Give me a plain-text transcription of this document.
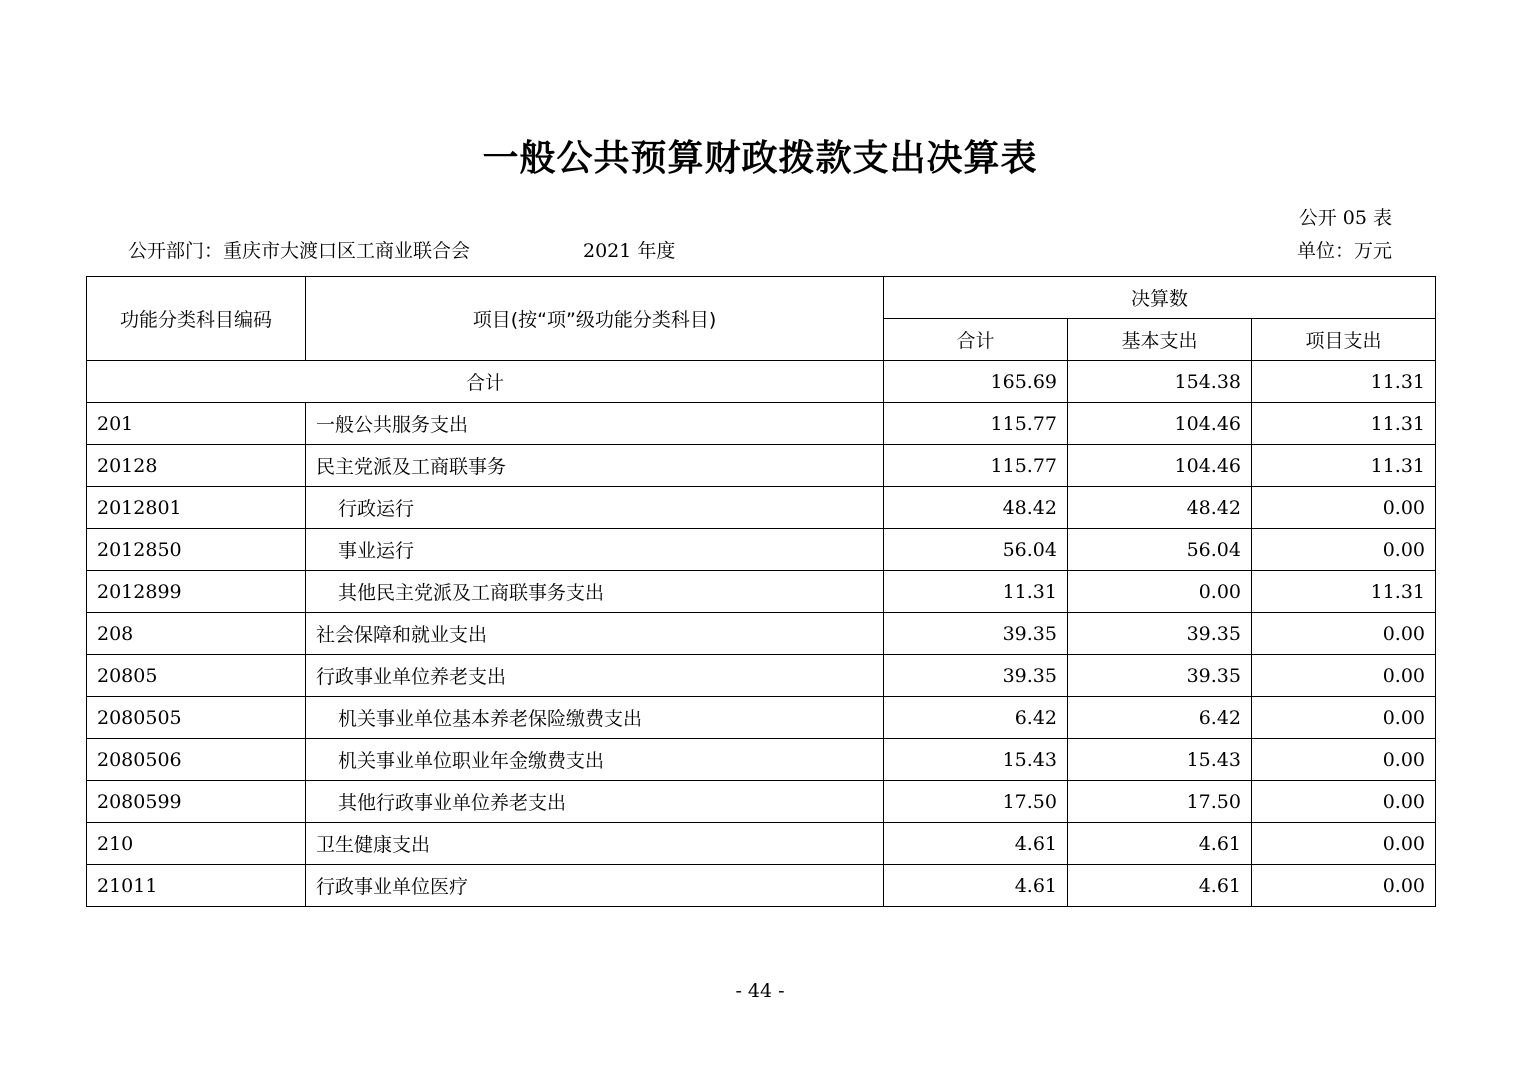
一般公共预算财政拨款支出决算表
公开 05 表
公开部门：重庆市大渡口区工商业联合会	2021 年度	单位：万元
功能分类科目编码	项目(按“项”级功能分类科目)	决算数		
		合计	基本支出	项目支出
合计		165.69	154.38	11.31
201	一般公共服务支出	115.77	104.46	11.31
20128	民主党派及工商联事务	115.77	104.46	11.31
2012801	行政运行	48.42	48.42	0.00
2012850	事业运行	56.04	56.04	0.00
2012899	其他民主党派及工商联事务支出	11.31	0.00	11.31
208	社会保障和就业支出	39.35	39.35	0.00
20805	行政事业单位养老支出	39.35	39.35	0.00
2080505	机关事业单位基本养老保险缴费支出	6.42	6.42	0.00
2080506	机关事业单位职业年金缴费支出	15.43	15.43	0.00
2080599	其他行政事业单位养老支出	17.50	17.50	0.00
210	卫生健康支出	4.61	4.61	0.00
21011	行政事业单位医疗	4.61	4.61	0.00
- 44 -
